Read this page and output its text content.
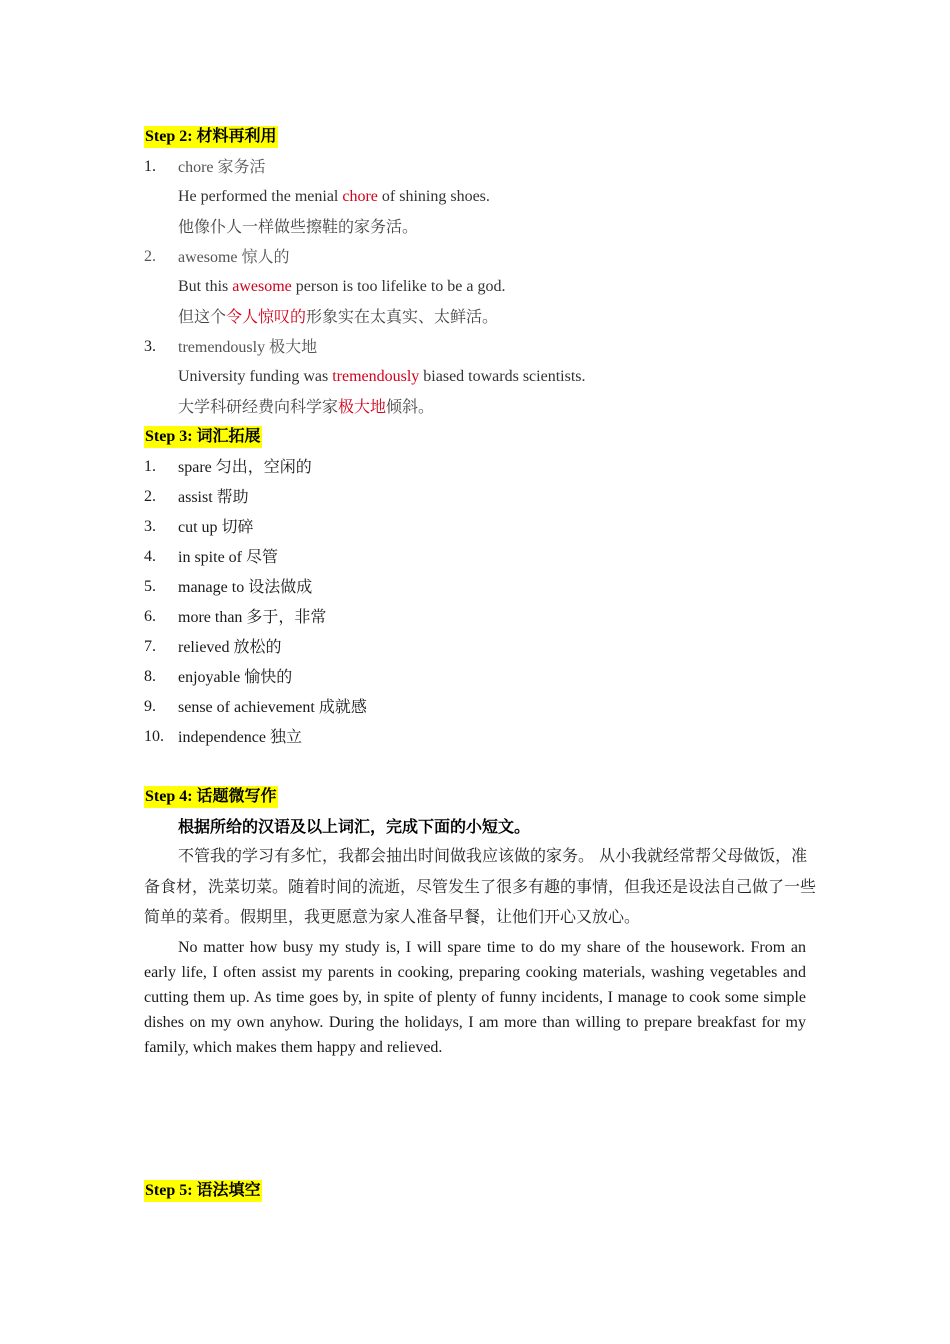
Step 2: 材料再利用
1. chore 家务活
He performed the menial chore of shining shoes.
他像仆人一样做些擦鞋的家务活。
2. awesome 惊人的
But this awesome person is too lifelike to be a god.
但这个令人惊叹的形象实在太真实、太鲜活。
3. tremendously 极大地
University funding was tremendously biased towards scientists.
大学科研经费向科学家极大地倾斜。
Step 3: 词汇拓展
1. spare 匀出，空闲的
2. assist 帮助
3. cut up 切碎
4. in spite of 尽管
5. manage to 设法做成
6. more than 多于，非常
7. relieved 放松的
8. enjoyable 愉快的
9. sense of achievement 成就感
10. independence 独立
Step 4: 话题微写作
根据所给的汉语及以上词汇，完成下面的小短文。
不管我的学习有多忙，我都会抽出时间做我应该做的家务。 从小我就经常帮父母做饭，准备食材，洗菜切菜。随着时间的流逝，尽管发生了很多有趣的事情，但我还是设法自己做了一些简单的菜肴。假期里，我更愿意为家人准备早餐，让他们开心又放心。
No matter how busy my study is, I will spare time to do my share of the housework. From an early life, I often assist my parents in cooking, preparing cooking materials, washing vegetables and cutting them up. As time goes by, in spite of plenty of funny incidents, I manage to cook some simple dishes on my own anyhow. During the holidays, I am more than willing to prepare breakfast for my family, which makes them happy and relieved.
Step 5: 语法填空
